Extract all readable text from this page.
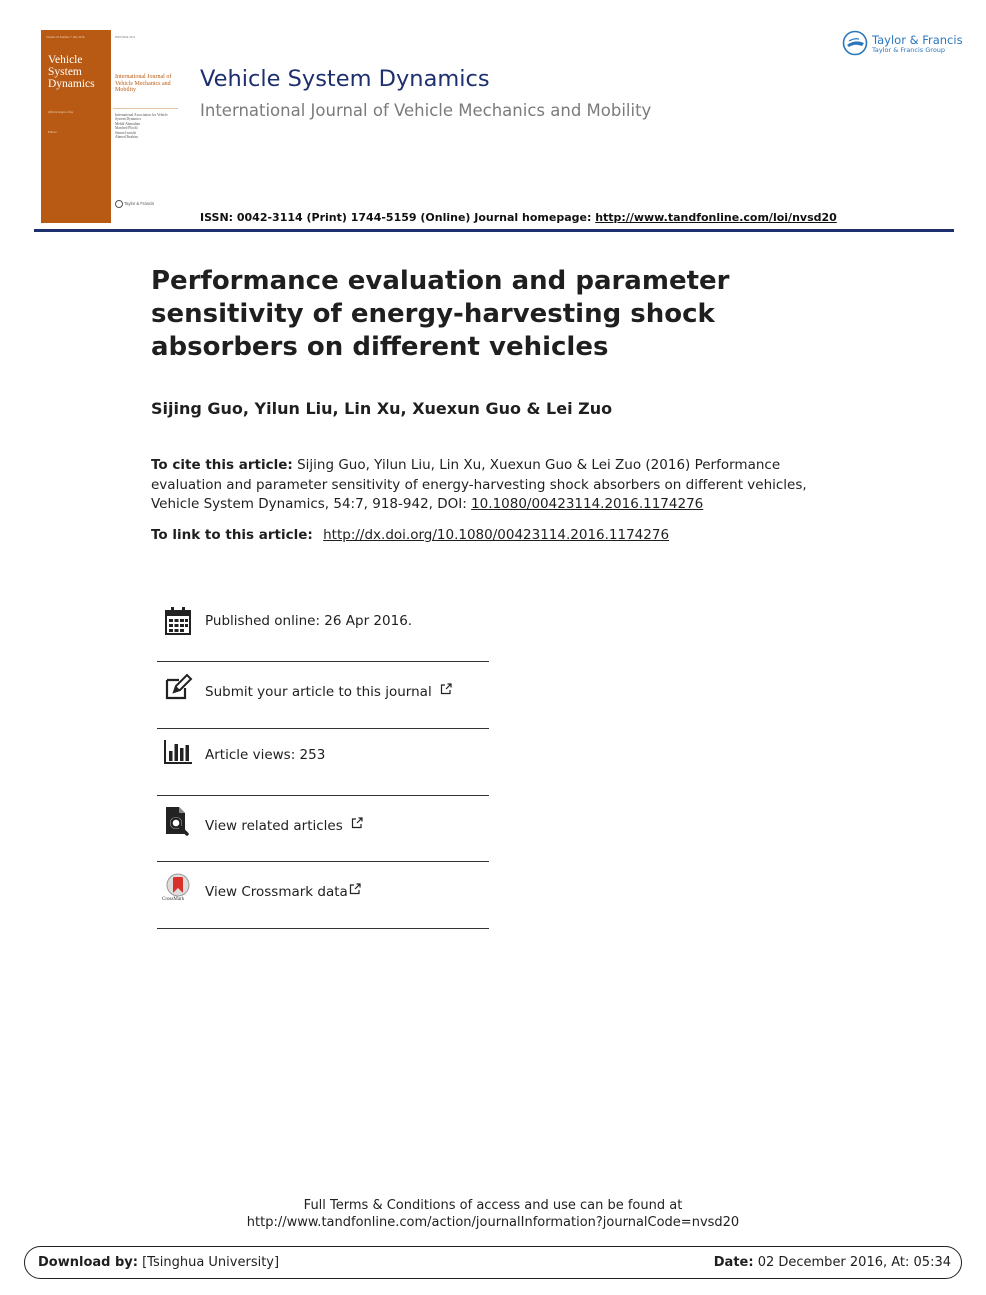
Volume 54 Number 7 July 2016
Vehicle
System
Dynamics
Official Organ of the
Editors
ISSN 0042-3114
International Journal of Vehicle Mechanics and Mobility
International Association for Vehicle System Dynamics
Mehdi Ahmadian
Manfred Plöchl
Simon Iwnicki
Ahmed Ibrahim
Taylor & Francis
Vehicle System Dynamics
International Journal of Vehicle Mechanics and Mobility
Taylor & Francis
Taylor & Francis Group
ISSN: 0042-3114 (Print) 1744-5159 (Online) Journal homepage: http://www.tandfonline.com/loi/nvsd20
Performance evaluation and parameter sensitivity of energy-harvesting shock absorbers on different vehicles
Sijing Guo, Yilun Liu, Lin Xu, Xuexun Guo & Lei Zuo
To cite this article: Sijing Guo, Yilun Liu, Lin Xu, Xuexun Guo & Lei Zuo (2016) Performance evaluation and parameter sensitivity of energy-harvesting shock absorbers on different vehicles, Vehicle System Dynamics, 54:7, 918-942, DOI: 10.1080/00423114.2016.1174276
To link to this article: http://dx.doi.org/10.1080/00423114.2016.1174276
Published online: 26 Apr 2016.
Submit your article to this journal
Article views: 253
View related articles
CrossMark View Crossmark data
Full Terms & Conditions of access and use can be found at
http://www.tandfonline.com/action/journalInformation?journalCode=nvsd20
Download by: [Tsinghua University]	Date: 02 December 2016, At: 05:34
